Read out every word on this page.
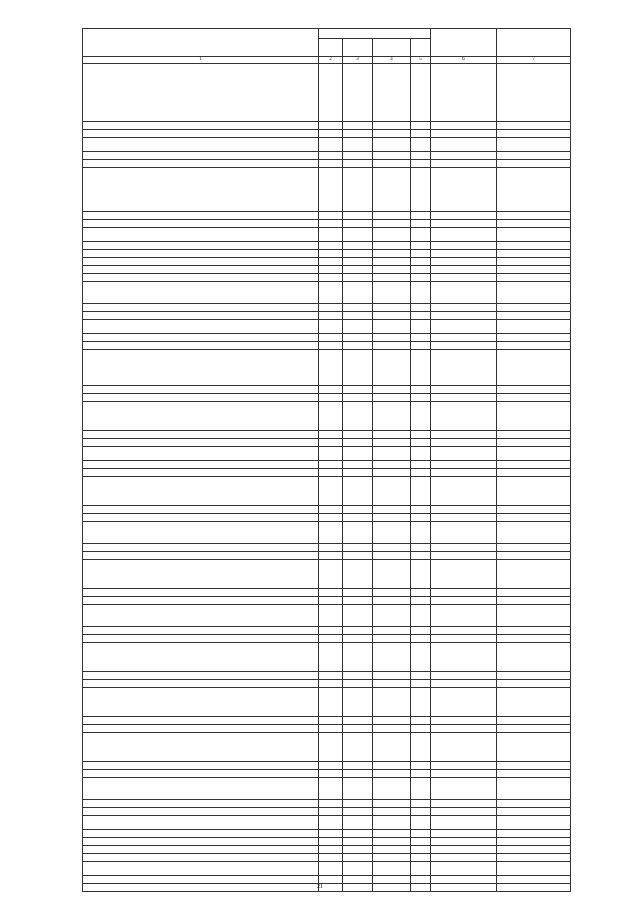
1	2	3	4	5	6	7

21
